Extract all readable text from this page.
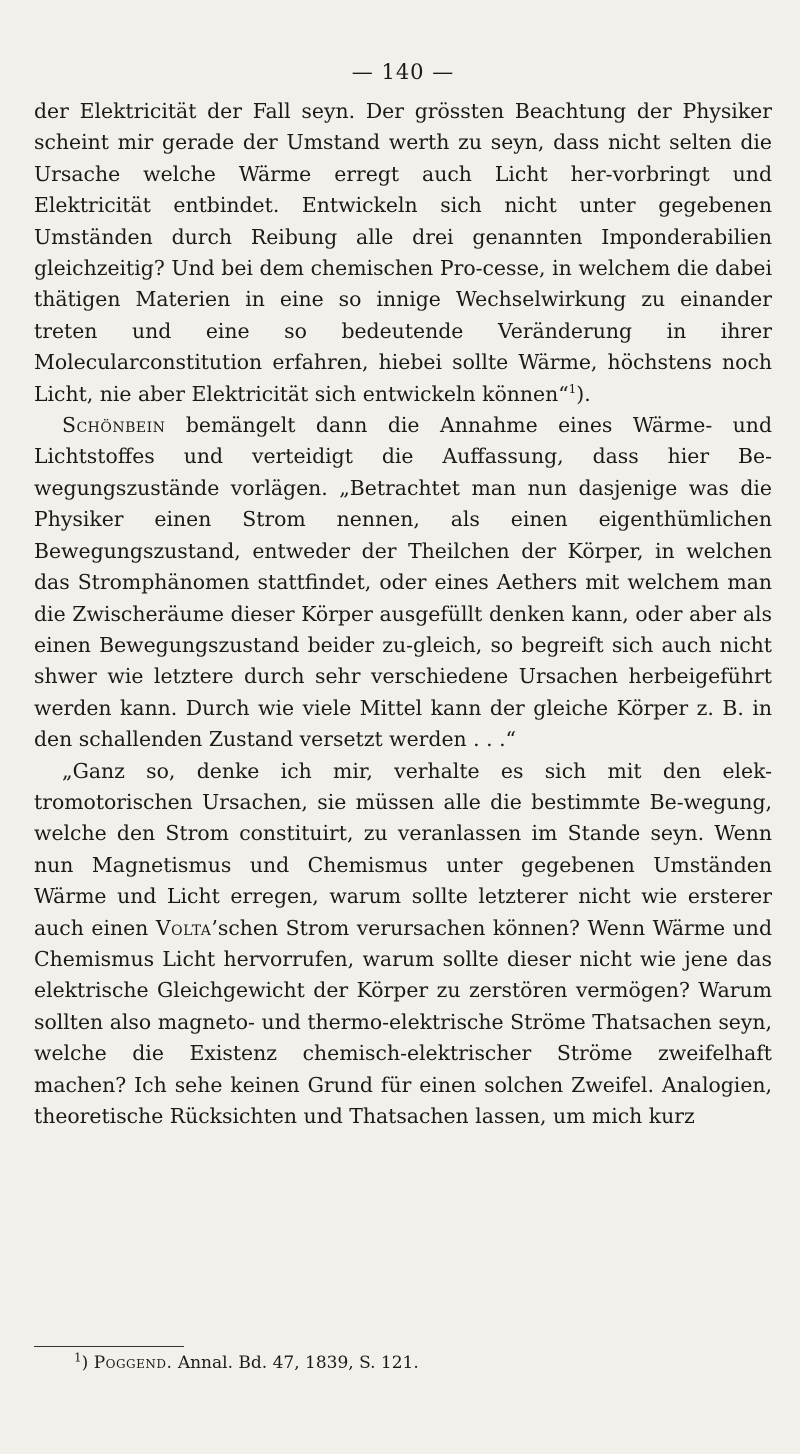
— 140 —

der Elektricität der Fall seyn. Der grössten Beachtung der Physiker scheint mir gerade der Umstand werth zu seyn, dass nicht selten die Ursache welche Wärme erregt auch Licht her-vorbringt und Elektricität entbindet. Entwickeln sich nicht unter gegebenen Umständen durch Reibung alle drei genannten Imponderabilien gleichzeitig? Und bei dem chemischen Pro-cesse, in welchem die dabei thätigen Materien in eine so innige Wechselwirkung zu einander treten und eine so bedeutende Veränderung in ihrer Molecularconstitution erfahren, hiebei sollte Wärme, höchstens noch Licht, nie aber Elektricität sich entwickeln können“$^1$).

Schönbein bemängelt dann die Annahme eines Wärme- und Lichtstoffes und verteidigt die Auffassung, dass hier Be-wegungszustände vorlägen. „Betrachtet man nun dasjenige was die Physiker einen Strom nennen, als einen eigenthümlichen Bewegungszustand, entweder der Theilchen der Körper, in welchen das Stromphänomen stattfindet, oder eines Aethers mit welchem man die Zwischeräume dieser Körper ausgefüllt denken kann, oder aber als einen Bewegungszustand beider zu-gleich, so begreift sich auch nicht shwer wie letztere durch sehr verschiedene Ursachen herbeigeführt werden kann. Durch wie viele Mittel kann der gleiche Körper z. B. in den schallenden Zustand versetzt werden . . .“

„Ganz so, denke ich mir, verhalte es sich mit den elek-tromotorischen Ursachen, sie müssen alle die bestimmte Be-wegung, welche den Strom constituirt, zu veranlassen im Stande seyn. Wenn nun Magnetismus und Chemismus unter gegebenen Umständen Wärme und Licht erregen, warum sollte letzterer nicht wie ersterer auch einen Volta’schen Strom verursachen können? Wenn Wärme und Chemismus Licht hervorrufen, warum sollte dieser nicht wie jene das elektrische Gleichgewicht der Körper zu zerstören vermögen? Warum sollten also magneto- und thermo-elektrische Ströme Thatsachen seyn, welche die Existenz chemisch-elektrischer Ströme zweifelhaft machen? Ich sehe keinen Grund für einen solchen Zweifel. Analogien, theoretische Rücksichten und Thatsachen lassen, um mich kurz

$^1$) Poggend. Annal. Bd. 47, 1839, S. 121.
